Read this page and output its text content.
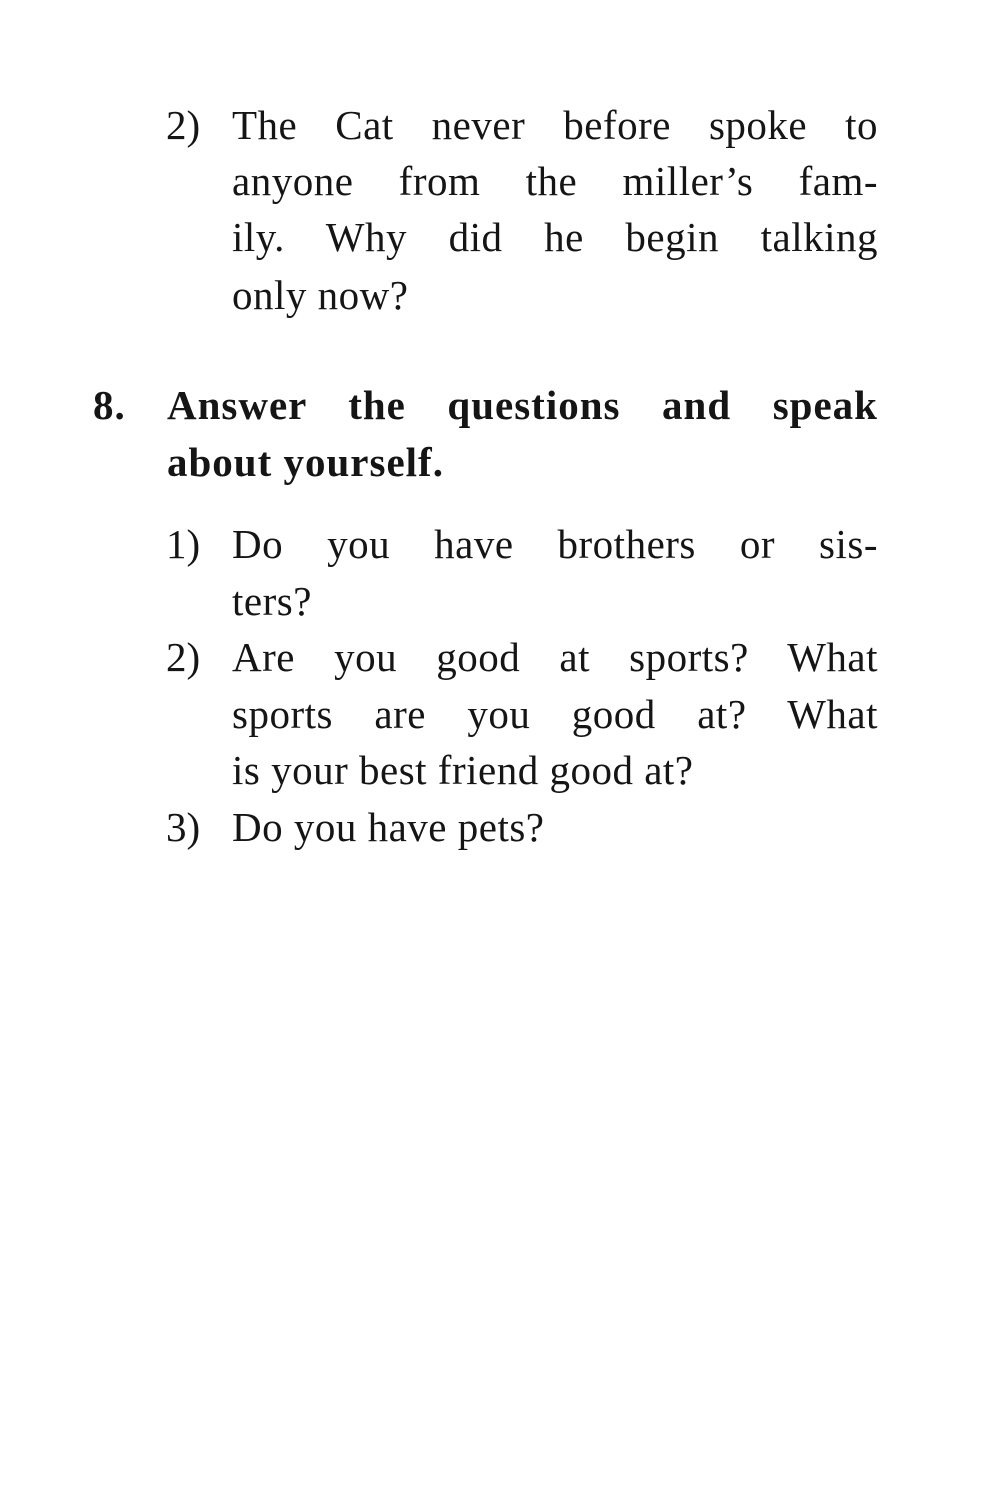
2) The Cat never before spoke to
anyone from the miller’s fam-
ily. Why did he begin talking
only now?
8. Answer the questions and speak
about yourself.
1) Do you have brothers or sis-
ters?
2) Are you good at sports? What
sports are you good at? What
is your best friend good at?
3) Do you have pets?
